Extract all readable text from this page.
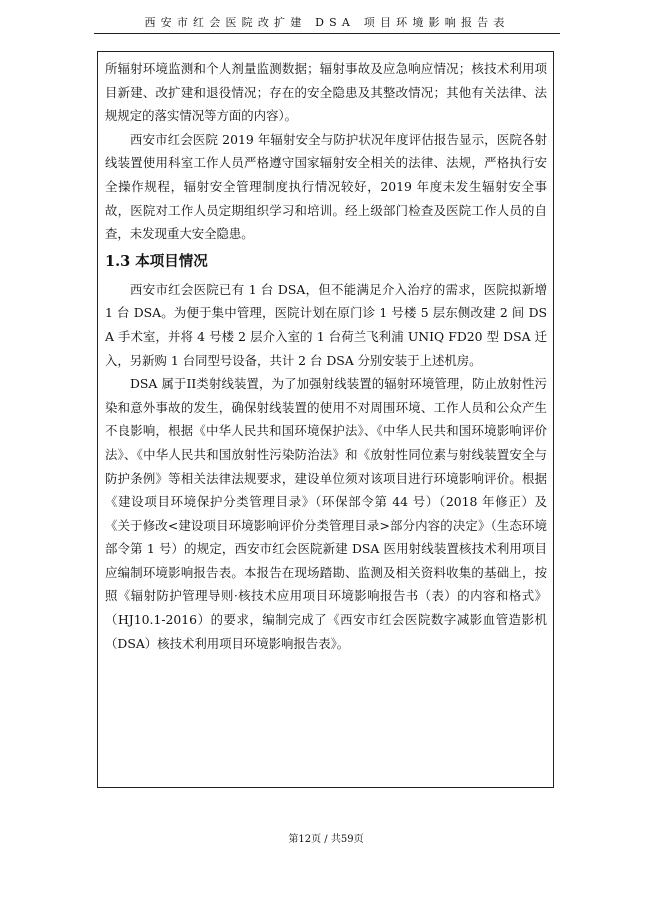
西安市红会医院改扩建 DSA 项目环境影响报告表

所辐射环境监测和个人剂量监测数据；辐射事故及应急响应情况；核技术利用项目新建、改扩建和退役情况；存在的安全隐患及其整改情况；其他有关法律、法规规定的落实情况等方面的内容）。

西安市红会医院 2019 年辐射安全与防护状况年度评估报告显示，医院各射线装置使用科室工作人员严格遵守国家辐射安全相关的法律、法规，严格执行安全操作规程，辐射安全管理制度执行情况较好，2019 年度未发生辐射安全事故，医院对工作人员定期组织学习和培训。经上级部门检查及医院工作人员的自查，未发现重大安全隐患。

1.3 本项目情况

西安市红会医院已有 1 台 DSA，但不能满足介入治疗的需求，医院拟新增 1 台 DSA。为便于集中管理，医院计划在原门诊 1 号楼 5 层东侧改建 2 间 DSA 手术室，并将 4 号楼 2 层介入室的 1 台荷兰飞利浦 UNIQ FD20 型 DSA 迁入，另新购 1 台同型号设备，共计 2 台 DSA 分别安装于上述机房。

DSA 属于II类射线装置，为了加强射线装置的辐射环境管理，防止放射性污染和意外事故的发生，确保射线装置的使用不对周围环境、工作人员和公众产生不良影响，根据《中华人民共和国环境保护法》、《中华人民共和国环境影响评价法》、《中华人民共和国放射性污染防治法》和《放射性同位素与射线装置安全与防护条例》等相关法律法规要求，建设单位须对该项目进行环境影响评价。根据《建设项目环境保护分类管理目录》（环保部令第 44 号）（2018 年修正）及《关于修改<建设项目环境影响评价分类管理目录>部分内容的决定》（生态环境部令第 1 号）的规定，西安市红会医院新建 DSA 医用射线装置核技术利用项目应编制环境影响报告表。本报告在现场踏勘、监测及相关资料收集的基础上，按照《辐射防护管理导则·核技术应用项目环境影响报告书（表）的内容和格式》（HJ10.1-2016）的要求，编制完成了《西安市红会医院数字减影血管造影机（DSA）核技术利用项目环境影响报告表》。

第12页 / 共59页
